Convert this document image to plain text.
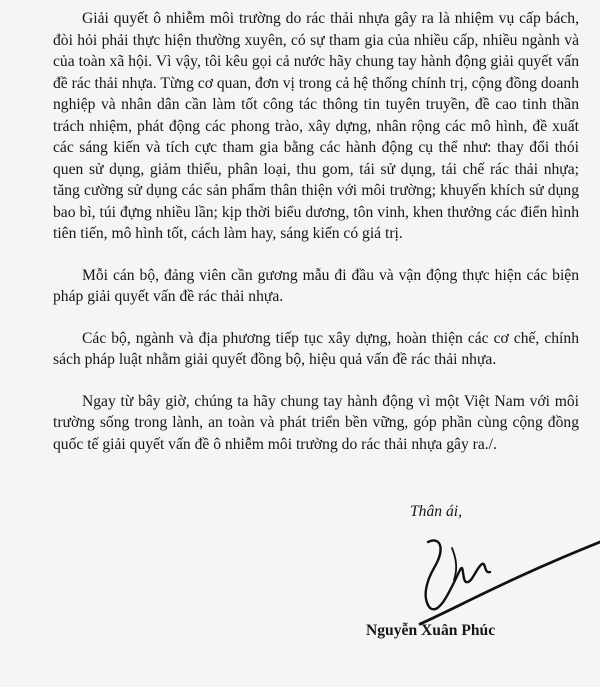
Giải quyết ô nhiễm môi trường do rác thải nhựa gây ra là nhiệm vụ cấp bách, đòi hỏi phải thực hiện thường xuyên, có sự tham gia của nhiều cấp, nhiều ngành và của toàn xã hội. Vì vậy, tôi kêu gọi cả nước hãy chung tay hành động giải quyết vấn đề rác thải nhựa. Từng cơ quan, đơn vị trong cả hệ thống chính trị, cộng đồng doanh nghiệp và nhân dân cần làm tốt công tác thông tin tuyên truyền, đề cao tinh thần trách nhiệm, phát động các phong trào, xây dựng, nhân rộng các mô hình, đề xuất các sáng kiến và tích cực tham gia bằng các hành động cụ thể như: thay đổi thói quen sử dụng, giảm thiểu, phân loại, thu gom, tái sử dụng, tái chế rác thải nhựa; tăng cường sử dụng các sản phẩm thân thiện với môi trường; khuyến khích sử dụng bao bì, túi đựng nhiều lần; kịp thời biểu dương, tôn vinh, khen thưởng các điển hình tiên tiến, mô hình tốt, cách làm hay, sáng kiến có giá trị.

Mỗi cán bộ, đảng viên cần gương mẫu đi đầu và vận động thực hiện các biện pháp giải quyết vấn đề rác thải nhựa.

Các bộ, ngành và địa phương tiếp tục xây dựng, hoàn thiện các cơ chế, chính sách pháp luật nhằm giải quyết đồng bộ, hiệu quả vấn đề rác thải nhựa.

Ngay từ bây giờ, chúng ta hãy chung tay hành động vì một Việt Nam với môi trường sống trong lành, an toàn và phát triển bền vững, góp phần cùng cộng đồng quốc tế giải quyết vấn đề ô nhiễm môi trường do rác thải nhựa gây ra./.

Thân ái,
Nguyễn Xuân Phúc
